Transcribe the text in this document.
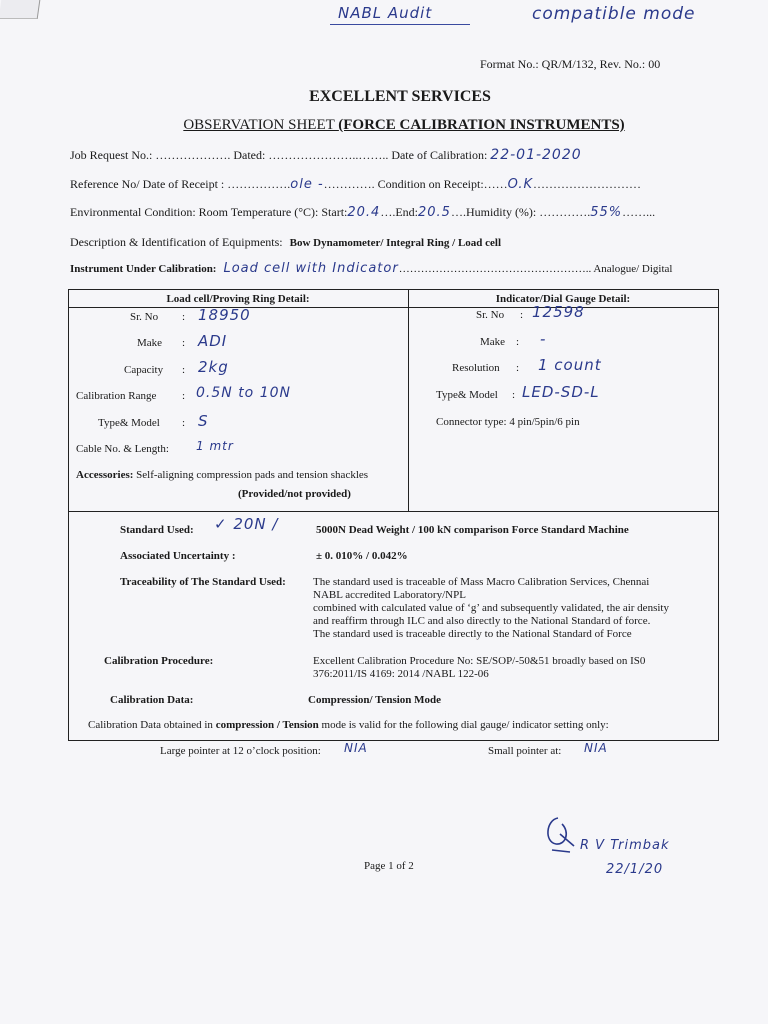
NABL Audit	compatible mode
Format No.: QR/M/132, Rev. No.: 00
EXCELLENT SERVICES
OBSERVATION SHEET (FORCE CALIBRATION INSTRUMENTS)
Job Request No.: ………………. Dated: …………………..…….. Date of Calibration: 22-01-2020
Reference No/ Date of Receipt : …………….ole -…………. Condition on Receipt:……O.K………………………
Environmental Condition: Room Temperature (°C): Start:20.4….End:20.5….Humidity (%): ………….55%……...
Description & Identification of Equipments: Bow Dynamometer/ Integral Ring / Load cell
Instrument Under Calibration: Load cell with Indicator…………………………………………….. Analogue/ Digital
Load cell/Proving Ring Detail:	Indicator/Dial Gauge Detail:
Sr. No : 18950
Make : ADI
Capacity : 2kg
Calibration Range : 0.5N to 10N
Type& Model : S
Cable No. & Length: 1 mtr
Accessories: Self-aligning compression pads and tension shackles
(Provided/not provided)
Sr. No : 12598
Make : -
Resolution : 1 count
Type& Model : LED-SD-L
Connector type: 4 pin/5pin/6 pin
Standard Used: ✓ 20N /	5000N Dead Weight / 100 kN comparison Force Standard Machine
Associated Uncertainty :	± 0. 010% / 0.042%
Traceability of The Standard Used: The standard used is traceable of Mass Macro Calibration Services, Chennai
NABL accredited Laboratory/NPL
combined with calculated value of ‘g’ and subsequently validated, the air density
and reaffirm through ILC and also directly to the National Standard of force.
The standard used is traceable directly to the National Standard of Force
Calibration Procedure:	Excellent Calibration Procedure No: SE/SOP/-50&51 broadly based on IS0
376:2011/IS 4169: 2014 /NABL 122-06
Calibration Data:	Compression/ Tension Mode
Calibration Data obtained in compression / Tension mode is valid for the following dial gauge/ indicator setting only:
Large pointer at 12 o’clock position: NIA	Small pointer at: NIA
Page 1 of 2
R V Trimbak
22/1/20
